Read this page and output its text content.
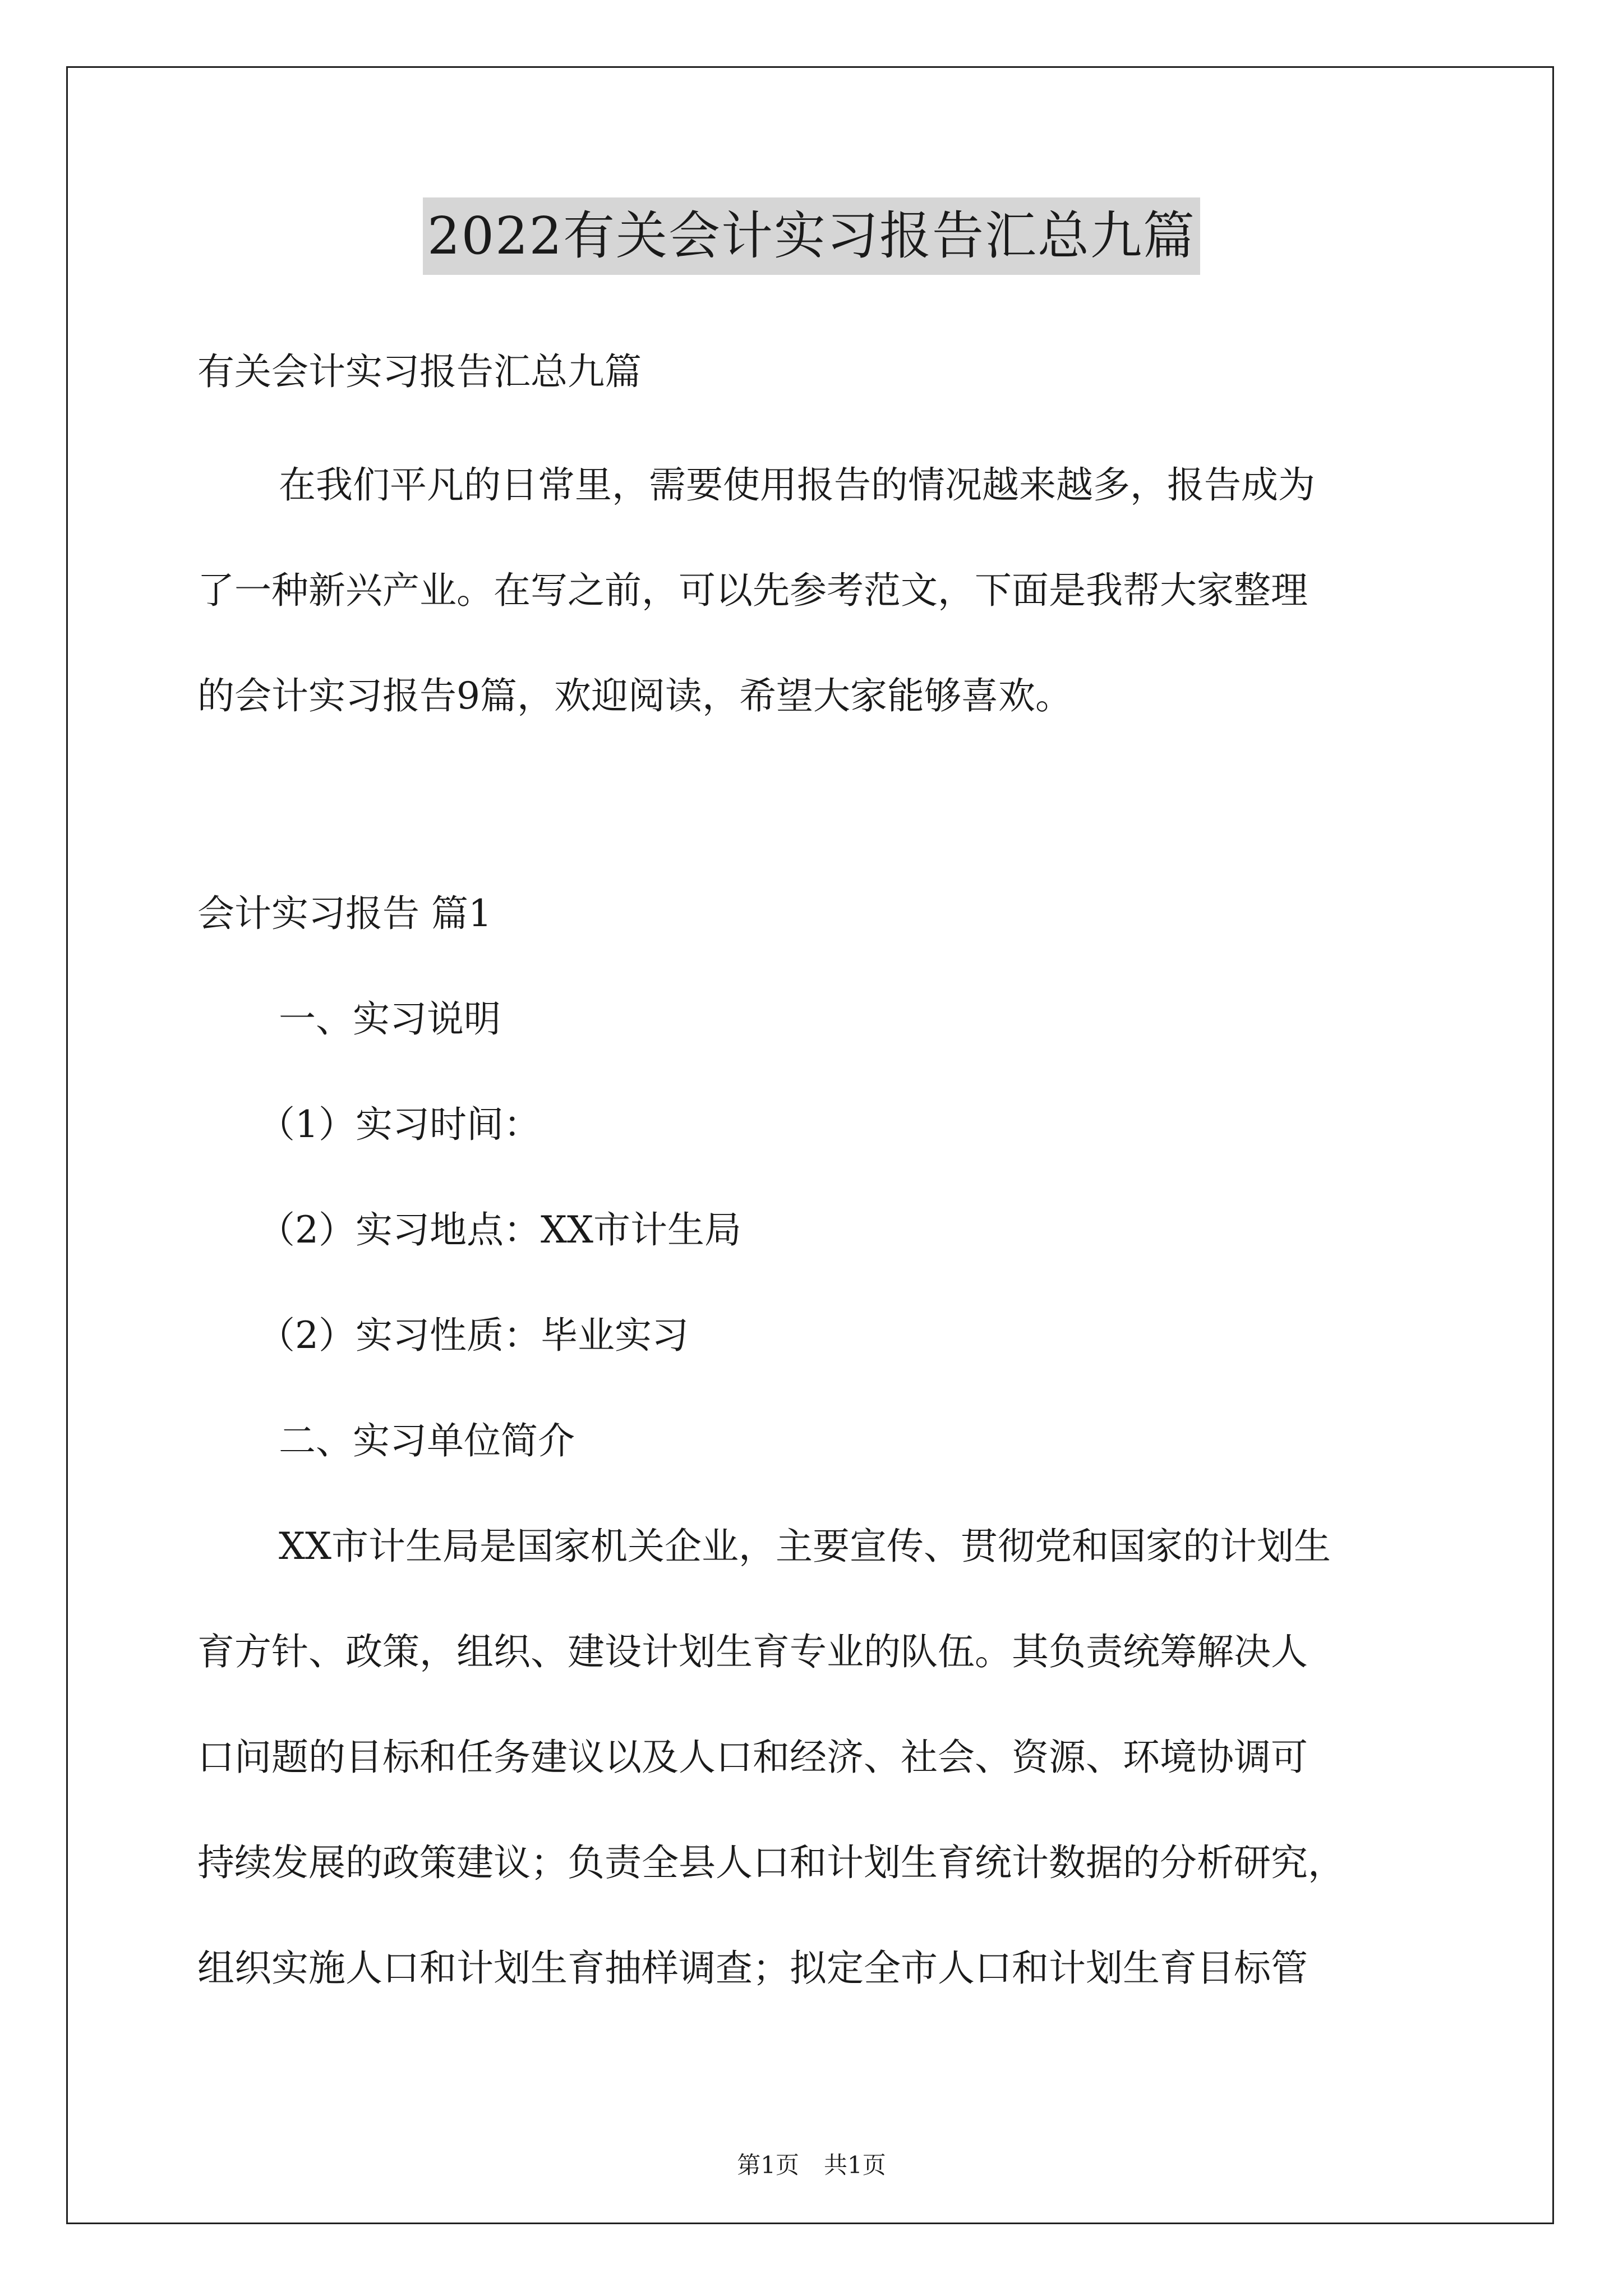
2022有关会计实习报告汇总九篇
有关会计实习报告汇总九篇
在我们平凡的日常里，需要使用报告的情况越来越多，报告成为
了一种新兴产业。在写之前，可以先参考范文，下面是我帮大家整理
的会计实习报告9篇，欢迎阅读，希望大家能够喜欢。
会计实习报告 篇1
一、实习说明
（1）实习时间：
（2）实习地点：XX市计生局
（2）实习性质：毕业实习
二、实习单位简介
XX市计生局是国家机关企业，主要宣传、贯彻党和国家的计划生
育方针、政策，组织、建设计划生育专业的队伍。其负责统筹解决人
口问题的目标和任务建议以及人口和经济、社会、资源、环境协调可
持续发展的政策建议；负责全县人口和计划生育统计数据的分析研究，
组织实施人口和计划生育抽样调查；拟定全市人口和计划生育目标管
第1页 共1页
